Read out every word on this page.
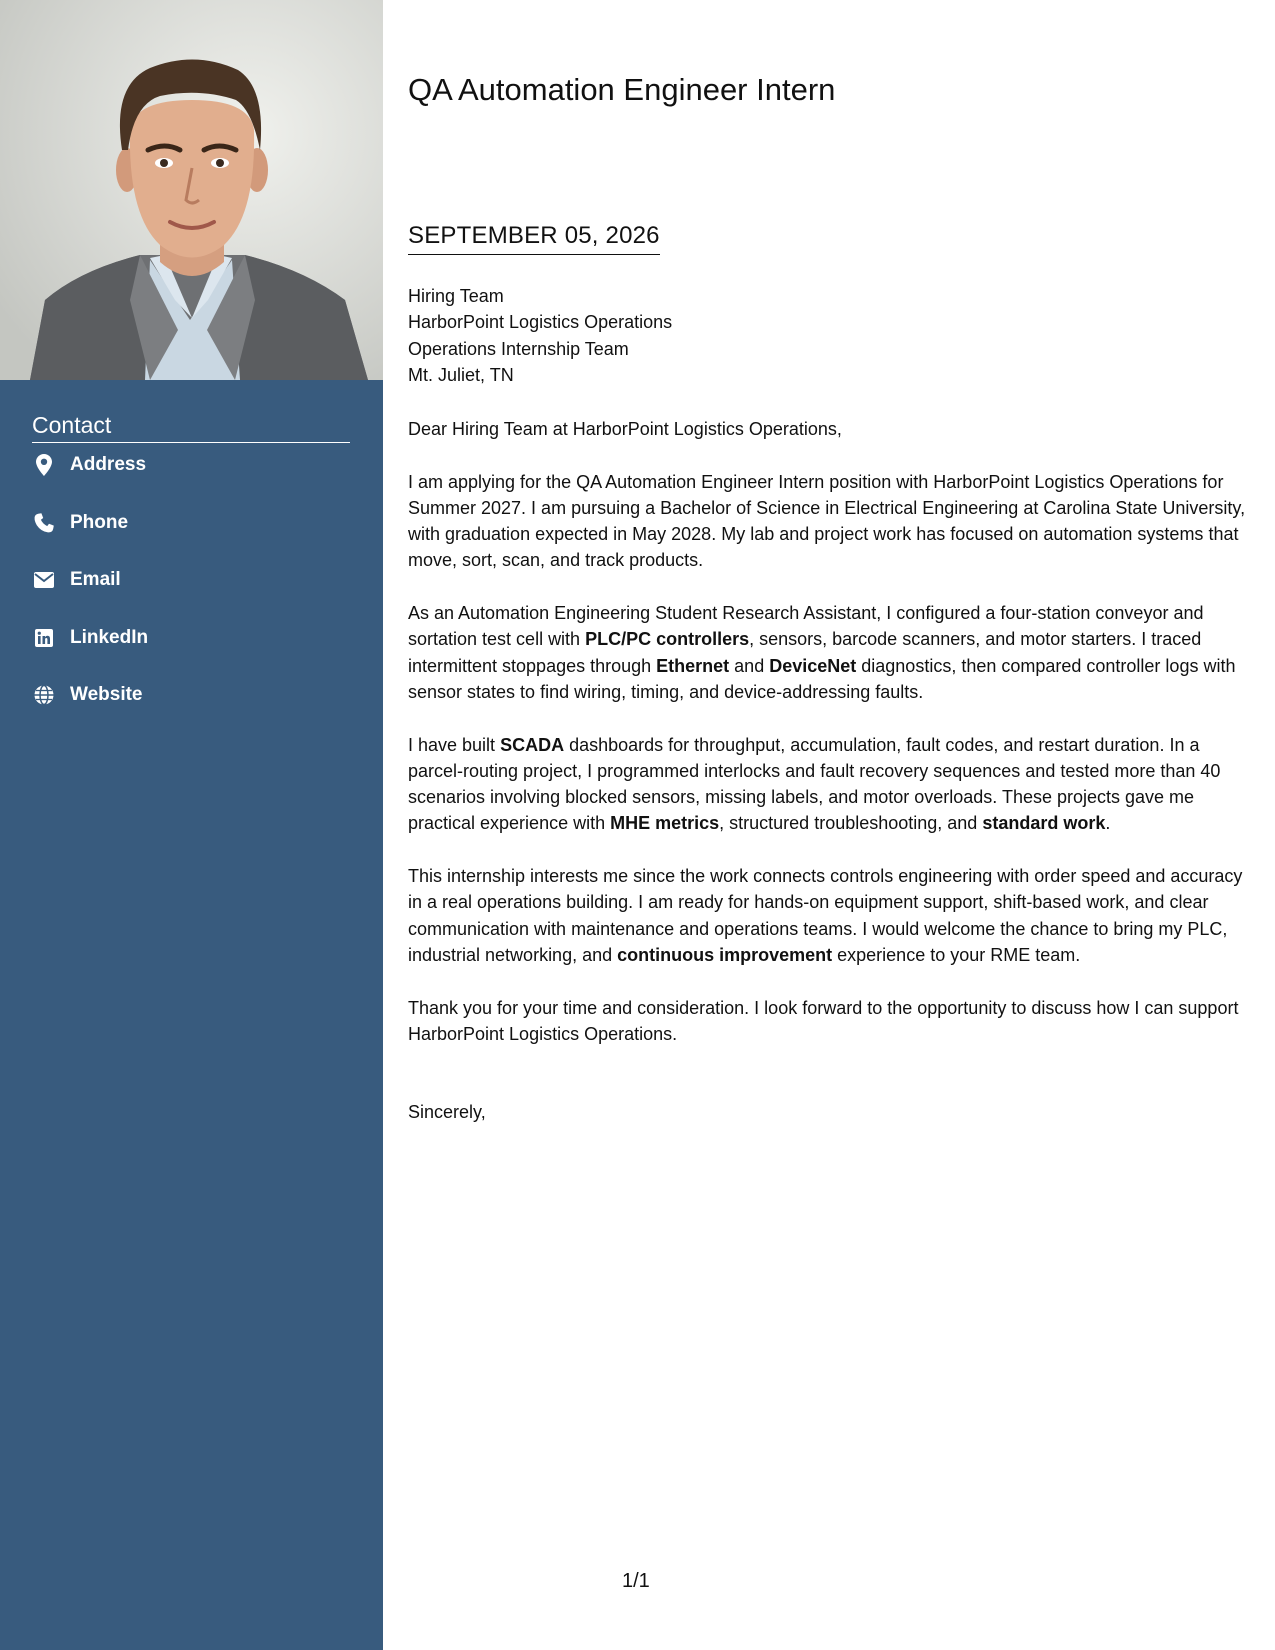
Contact
Address
Phone
Email
LinkedIn
Website
QA Automation Engineer Intern
SEPTEMBER 05, 2026
Hiring Team
HarborPoint Logistics Operations
Operations Internship Team
Mt. Juliet, TN

Dear Hiring Team at HarborPoint Logistics Operations,

I am applying for the QA Automation Engineer Intern position with HarborPoint Logistics Operations for Summer 2027. I am pursuing a Bachelor of Science in Electrical Engineering at Carolina State University, with graduation expected in May 2028. My lab and project work has focused on automation systems that move, sort, scan, and track products.

As an Automation Engineering Student Research Assistant, I configured a four-station conveyor and sortation test cell with PLC/PC controllers, sensors, barcode scanners, and motor starters. I traced intermittent stoppages through Ethernet and DeviceNet diagnostics, then compared controller logs with sensor states to find wiring, timing, and device-addressing faults.

I have built SCADA dashboards for throughput, accumulation, fault codes, and restart duration. In a parcel-routing project, I programmed interlocks and fault recovery sequences and tested more than 40 scenarios involving blocked sensors, missing labels, and motor overloads. These projects gave me practical experience with MHE metrics, structured troubleshooting, and standard work.

This internship interests me since the work connects controls engineering with order speed and accuracy in a real operations building. I am ready for hands-on equipment support, shift-based work, and clear communication with maintenance and operations teams. I would welcome the chance to bring my PLC, industrial networking, and continuous improvement experience to your RME team.

Thank you for your time and consideration. I look forward to the opportunity to discuss how I can support HarborPoint Logistics Operations.

Sincerely,
1/1
